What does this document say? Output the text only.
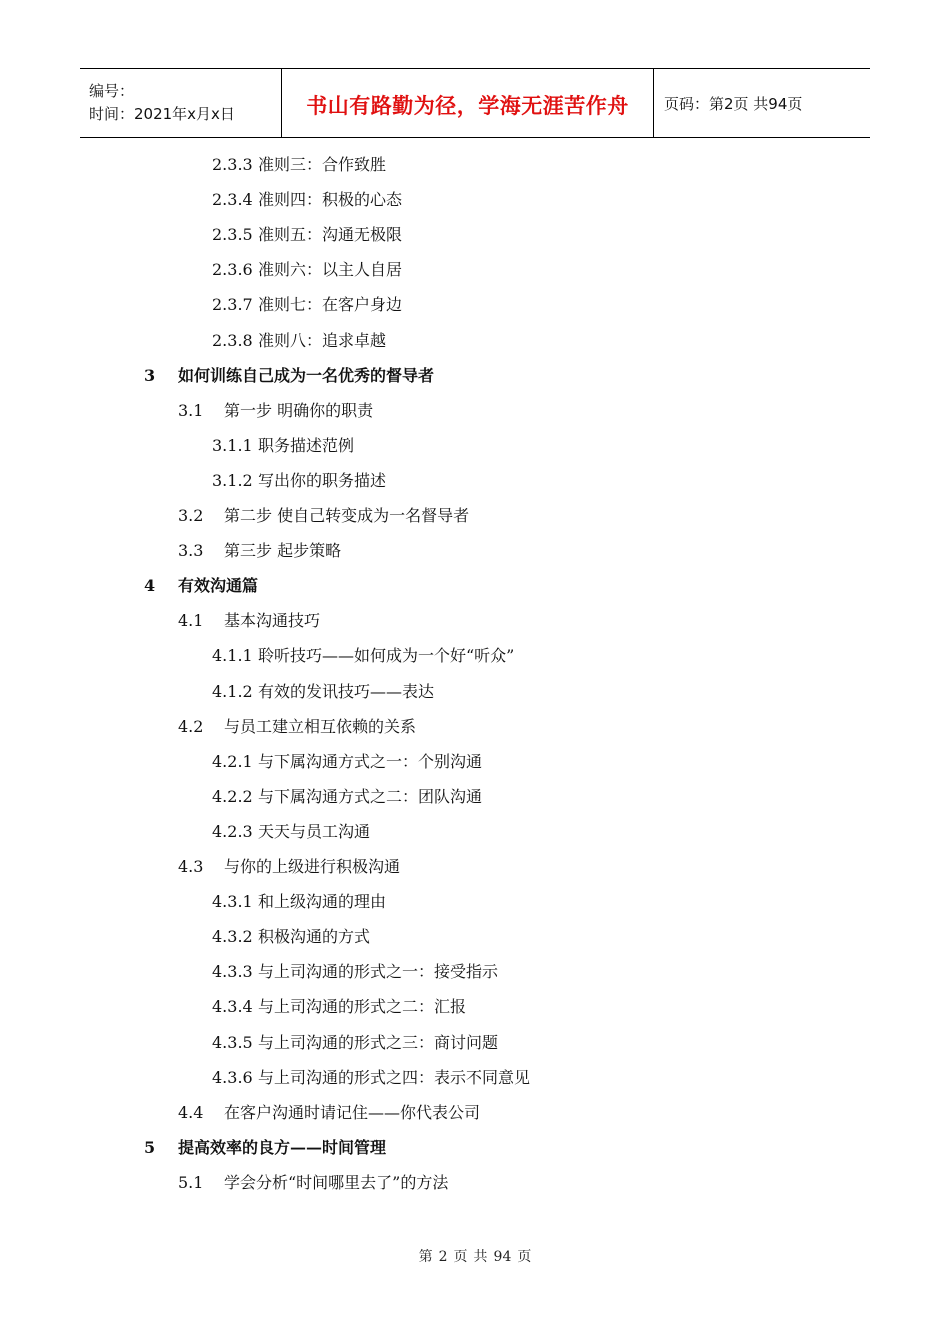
编号：
时间：2021年x月x日	书山有路勤为径，学海无涯苦作舟 页码：第2页 共94页
2.3.3 准则三：合作致胜
2.3.4 准则四：积极的心态
2.3.5 准则五：沟通无极限
2.3.6 准则六：以主人自居
2.3.7 准则七：在客户身边
2.3.8 准则八：追求卓越
3	如何训练自己成为一名优秀的督导者
3.1	第一步 明确你的职责
3.1.1 职务描述范例
3.1.2 写出你的职务描述
3.2	第二步 使自己转变成为一名督导者
3.3	第三步 起步策略
4	有效沟通篇
4.1	基本沟通技巧
4.1.1 聆听技巧——如何成为一个好“听众”
4.1.2 有效的发讯技巧——表达
4.2	与员工建立相互依赖的关系
4.2.1 与下属沟通方式之一：个别沟通
4.2.2 与下属沟通方式之二：团队沟通
4.2.3 天天与员工沟通
4.3	与你的上级进行积极沟通
4.3.1 和上级沟通的理由
4.3.2 积极沟通的方式
4.3.3 与上司沟通的形式之一：接受指示
4.3.4 与上司沟通的形式之二：汇报
4.3.5 与上司沟通的形式之三：商讨问题
4.3.6 与上司沟通的形式之四：表示不同意见
4.4	在客户沟通时请记住——你代表公司
5	提高效率的良方——时间管理
5.1	学会分析“时间哪里去了”的方法
第 2 页 共 94 页
